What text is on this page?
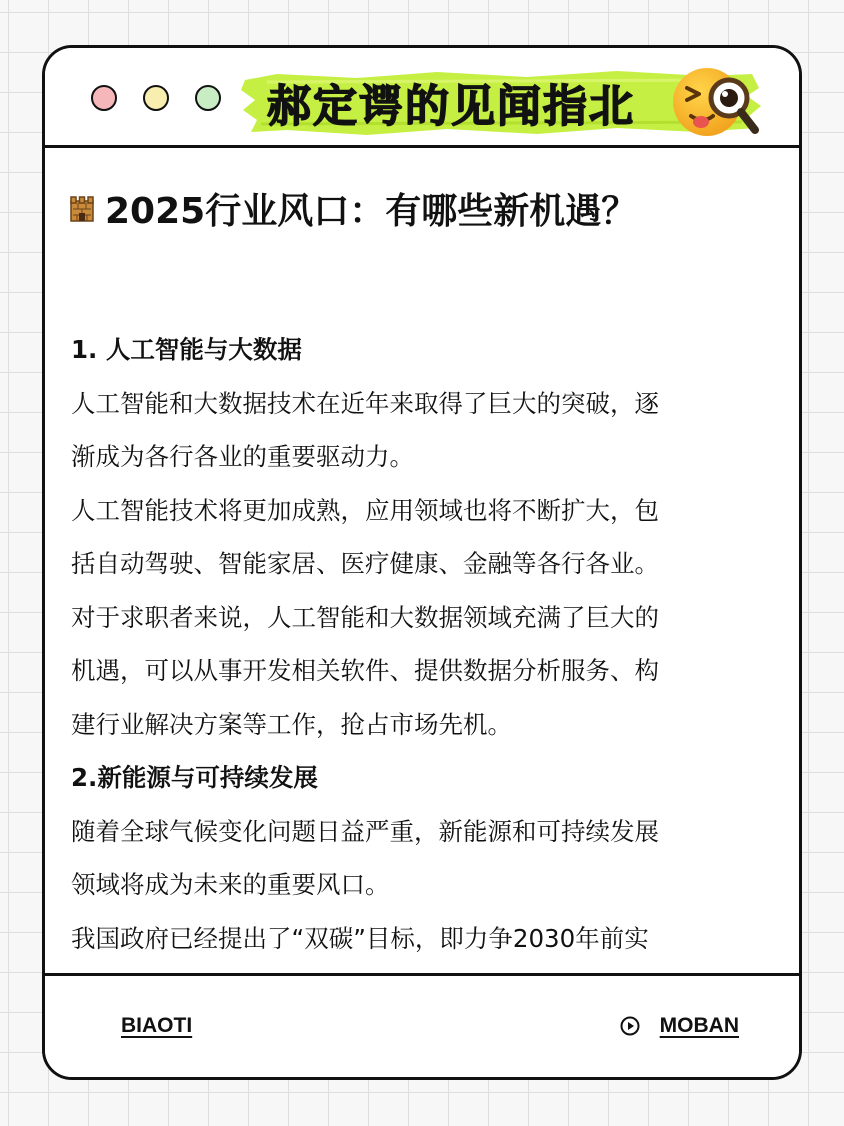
郝定谔的见闻指北
2025行业风口：有哪些新机遇？

1. 人工智能与大数据

人工智能和大数据技术在近年来取得了巨大的突破，逐

渐成为各行各业的重要驱动力。

人工智能技术将更加成熟，应用领域也将不断扩大，包

括自动驾驶、智能家居、医疗健康、金融等各行各业。

对于求职者来说，人工智能和大数据领域充满了巨大的

机遇，可以从事开发相关软件、提供数据分析服务、构

建行业解决方案等工作，抢占市场先机。

2.新能源与可持续发展

随着全球气候变化问题日益严重，新能源和可持续发展

领域将成为未来的重要风口。

我国政府已经提出了“双碳”目标，即力争2030年前实

BIAOTI	MOBAN
